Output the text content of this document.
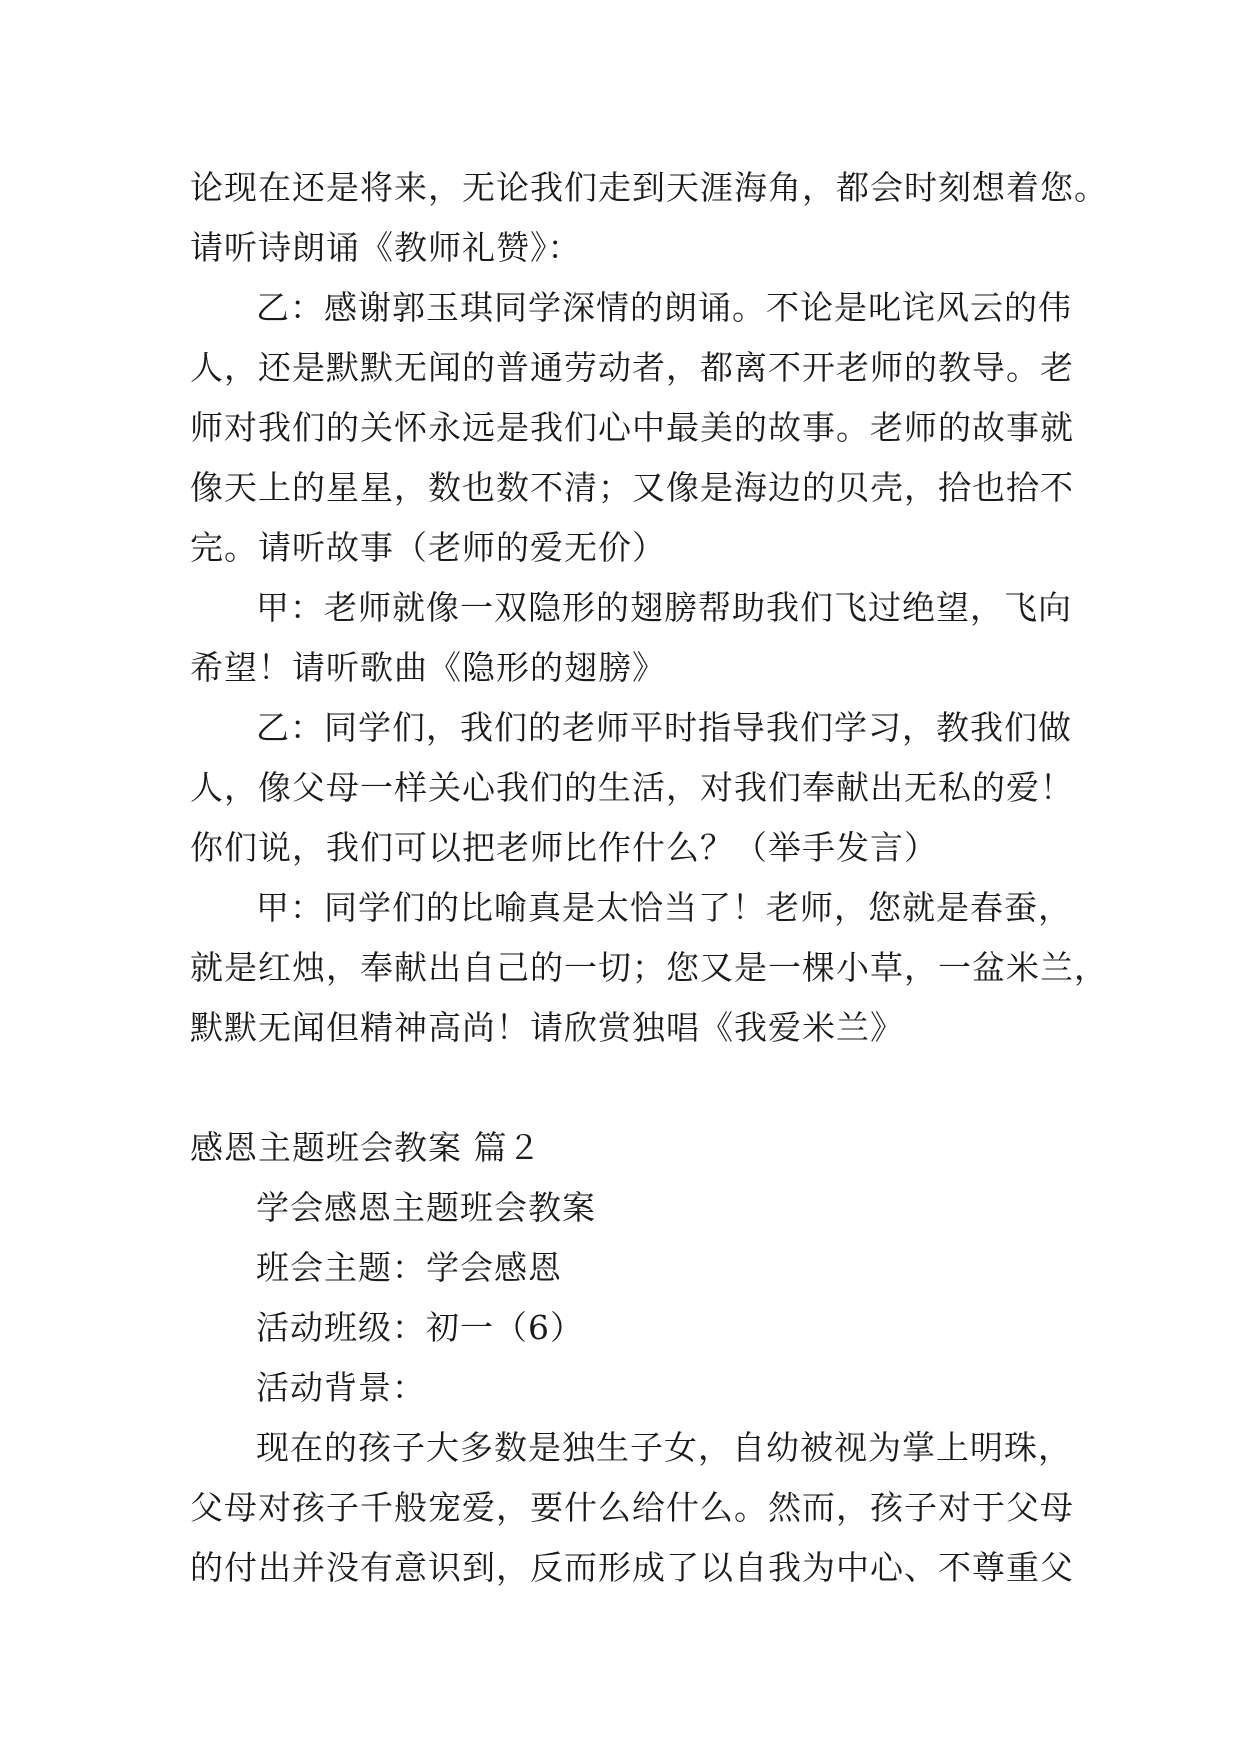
论现在还是将来，无论我们走到天涯海角，都会时刻想着您。
请听诗朗诵《教师礼赞》：
乙：感谢郭玉琪同学深情的朗诵。不论是叱诧风云的伟
人，还是默默无闻的普通劳动者，都离不开老师的教导。老
师对我们的关怀永远是我们心中最美的故事。老师的故事就
像天上的星星，数也数不清；又像是海边的贝壳，拾也拾不
完。请听故事（老师的爱无价）
甲：老师就像一双隐形的翅膀帮助我们飞过绝望，飞向
希望！请听歌曲《隐形的翅膀》
乙：同学们，我们的老师平时指导我们学习，教我们做
人，像父母一样关心我们的生活，对我们奉献出无私的爱！
你们说，我们可以把老师比作什么？（举手发言）
甲：同学们的比喻真是太恰当了！老师，您就是春蚕，
就是红烛，奉献出自己的一切；您又是一棵小草，一盆米兰，
默默无闻但精神高尚！请欣赏独唱《我爱米兰》
感恩主题班会教案 篇２
学会感恩主题班会教案
班会主题：学会感恩
活动班级：初一（6）
活动背景：
现在的孩子大多数是独生子女，自幼被视为掌上明珠，
父母对孩子千般宠爱，要什么给什么。然而，孩子对于父母
的付出并没有意识到，反而形成了以自我为中心、不尊重父
